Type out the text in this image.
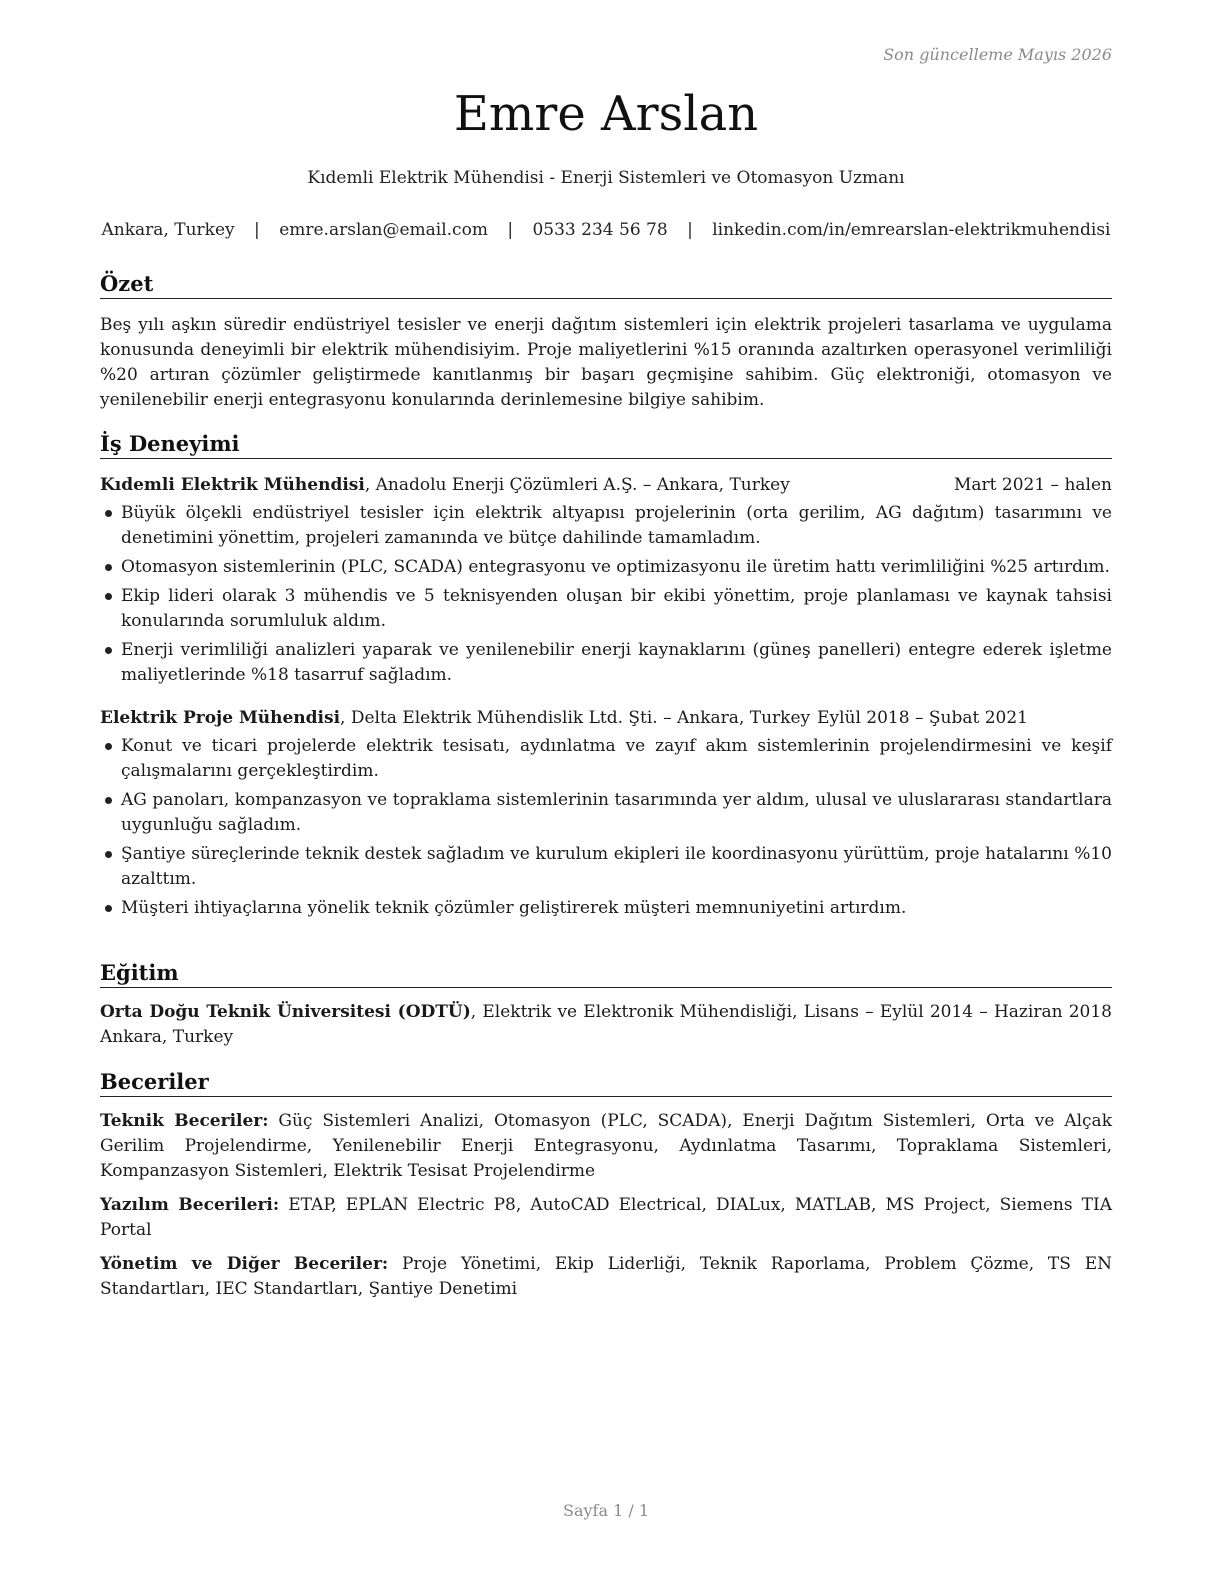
Son güncelleme Mayıs 2026
Emre Arslan
Kıdemli Elektrik Mühendisi - Enerji Sistemleri ve Otomasyon Uzmanı
Ankara, Turkey | emre.arslan@email.com | 0533 234 56 78 | linkedin.com/in/emrearslan-elektrikmuhendisi
Özet

Beş yılı aşkın süredir endüstriyel tesisler ve enerji dağıtım sistemleri için elektrik projeleri tasarlama ve uygulama konusunda deneyimli bir elektrik mühendisiyim. Proje maliyetlerini %15 oranında azaltırken operasyonel verimliliği %20 artıran çözümler geliştirmede kanıtlanmış bir başarı geçmişine sahibim. Güç elektroniği, otomasyon ve yenilenebilir enerji entegrasyonu konularında derinlemesine bilgiye sahibim.

İş Deneyimi
Kıdemli Elektrik Mühendisi, Anadolu Enerji Çözümleri A.Ş. – Ankara, Turkey	Mart 2021 – halen
Büyük ölçekli endüstriyel tesisler için elektrik altyapısı projelerinin (orta gerilim, AG dağıtım) tasarımını ve denetimini yönettim, projeleri zamanında ve bütçe dahilinde tamamladım.
Otomasyon sistemlerinin (PLC, SCADA) entegrasyonu ve optimizasyonu ile üretim hattı verimliliğini %25 artırdım.
Ekip lideri olarak 3 mühendis ve 5 teknisyenden oluşan bir ekibi yönettim, proje planlaması ve kaynak tahsisi konularında sorumluluk aldım.
Enerji verimliliği analizleri yaparak ve yenilenebilir enerji kaynaklarını (güneş panelleri) entegre ederek işletme maliyetlerinde %18 tasarruf sağladım.
Elektrik Proje Mühendisi, Delta Elektrik Mühendislik Ltd. Şti. – Ankara, Turkey Eylül 2018 – Şubat 2021
Konut ve ticari projelerde elektrik tesisatı, aydınlatma ve zayıf akım sistemlerinin projelendirmesini ve keşif çalışmalarını gerçekleştirdim.
AG panoları, kompanzasyon ve topraklama sistemlerinin tasarımında yer aldım, ulusal ve uluslararası standartlara uygunluğu sağladım.
Şantiye süreçlerinde teknik destek sağladım ve kurulum ekipleri ile koordinasyonu yürüttüm, proje hatalarını %10 azalttım.
Müşteri ihtiyaçlarına yönelik teknik çözümler geliştirerek müşteri memnuniyetini artırdım.
Eğitim

Orta Doğu Teknik Üniversitesi (ODTÜ), Elektrik ve Elektronik Mühendisliği, Lisans – Eylül 2014 – Haziran 2018 Ankara, Turkey

Beceriler

Teknik Beceriler: Güç Sistemleri Analizi, Otomasyon (PLC, SCADA), Enerji Dağıtım Sistemleri, Orta ve Alçak Gerilim Projelendirme, Yenilenebilir Enerji Entegrasyonu, Aydınlatma Tasarımı, Topraklama Sistemleri, Kompanzasyon Sistemleri, Elektrik Tesisat Projelendirme

Yazılım Becerileri: ETAP, EPLAN Electric P8, AutoCAD Electrical, DIALux, MATLAB, MS Project, Siemens TIA Portal

Yönetim ve Diğer Beceriler: Proje Yönetimi, Ekip Liderliği, Teknik Raporlama, Problem Çözme, TS EN Standartları, IEC Standartları, Şantiye Denetimi

Sayfa 1 / 1
